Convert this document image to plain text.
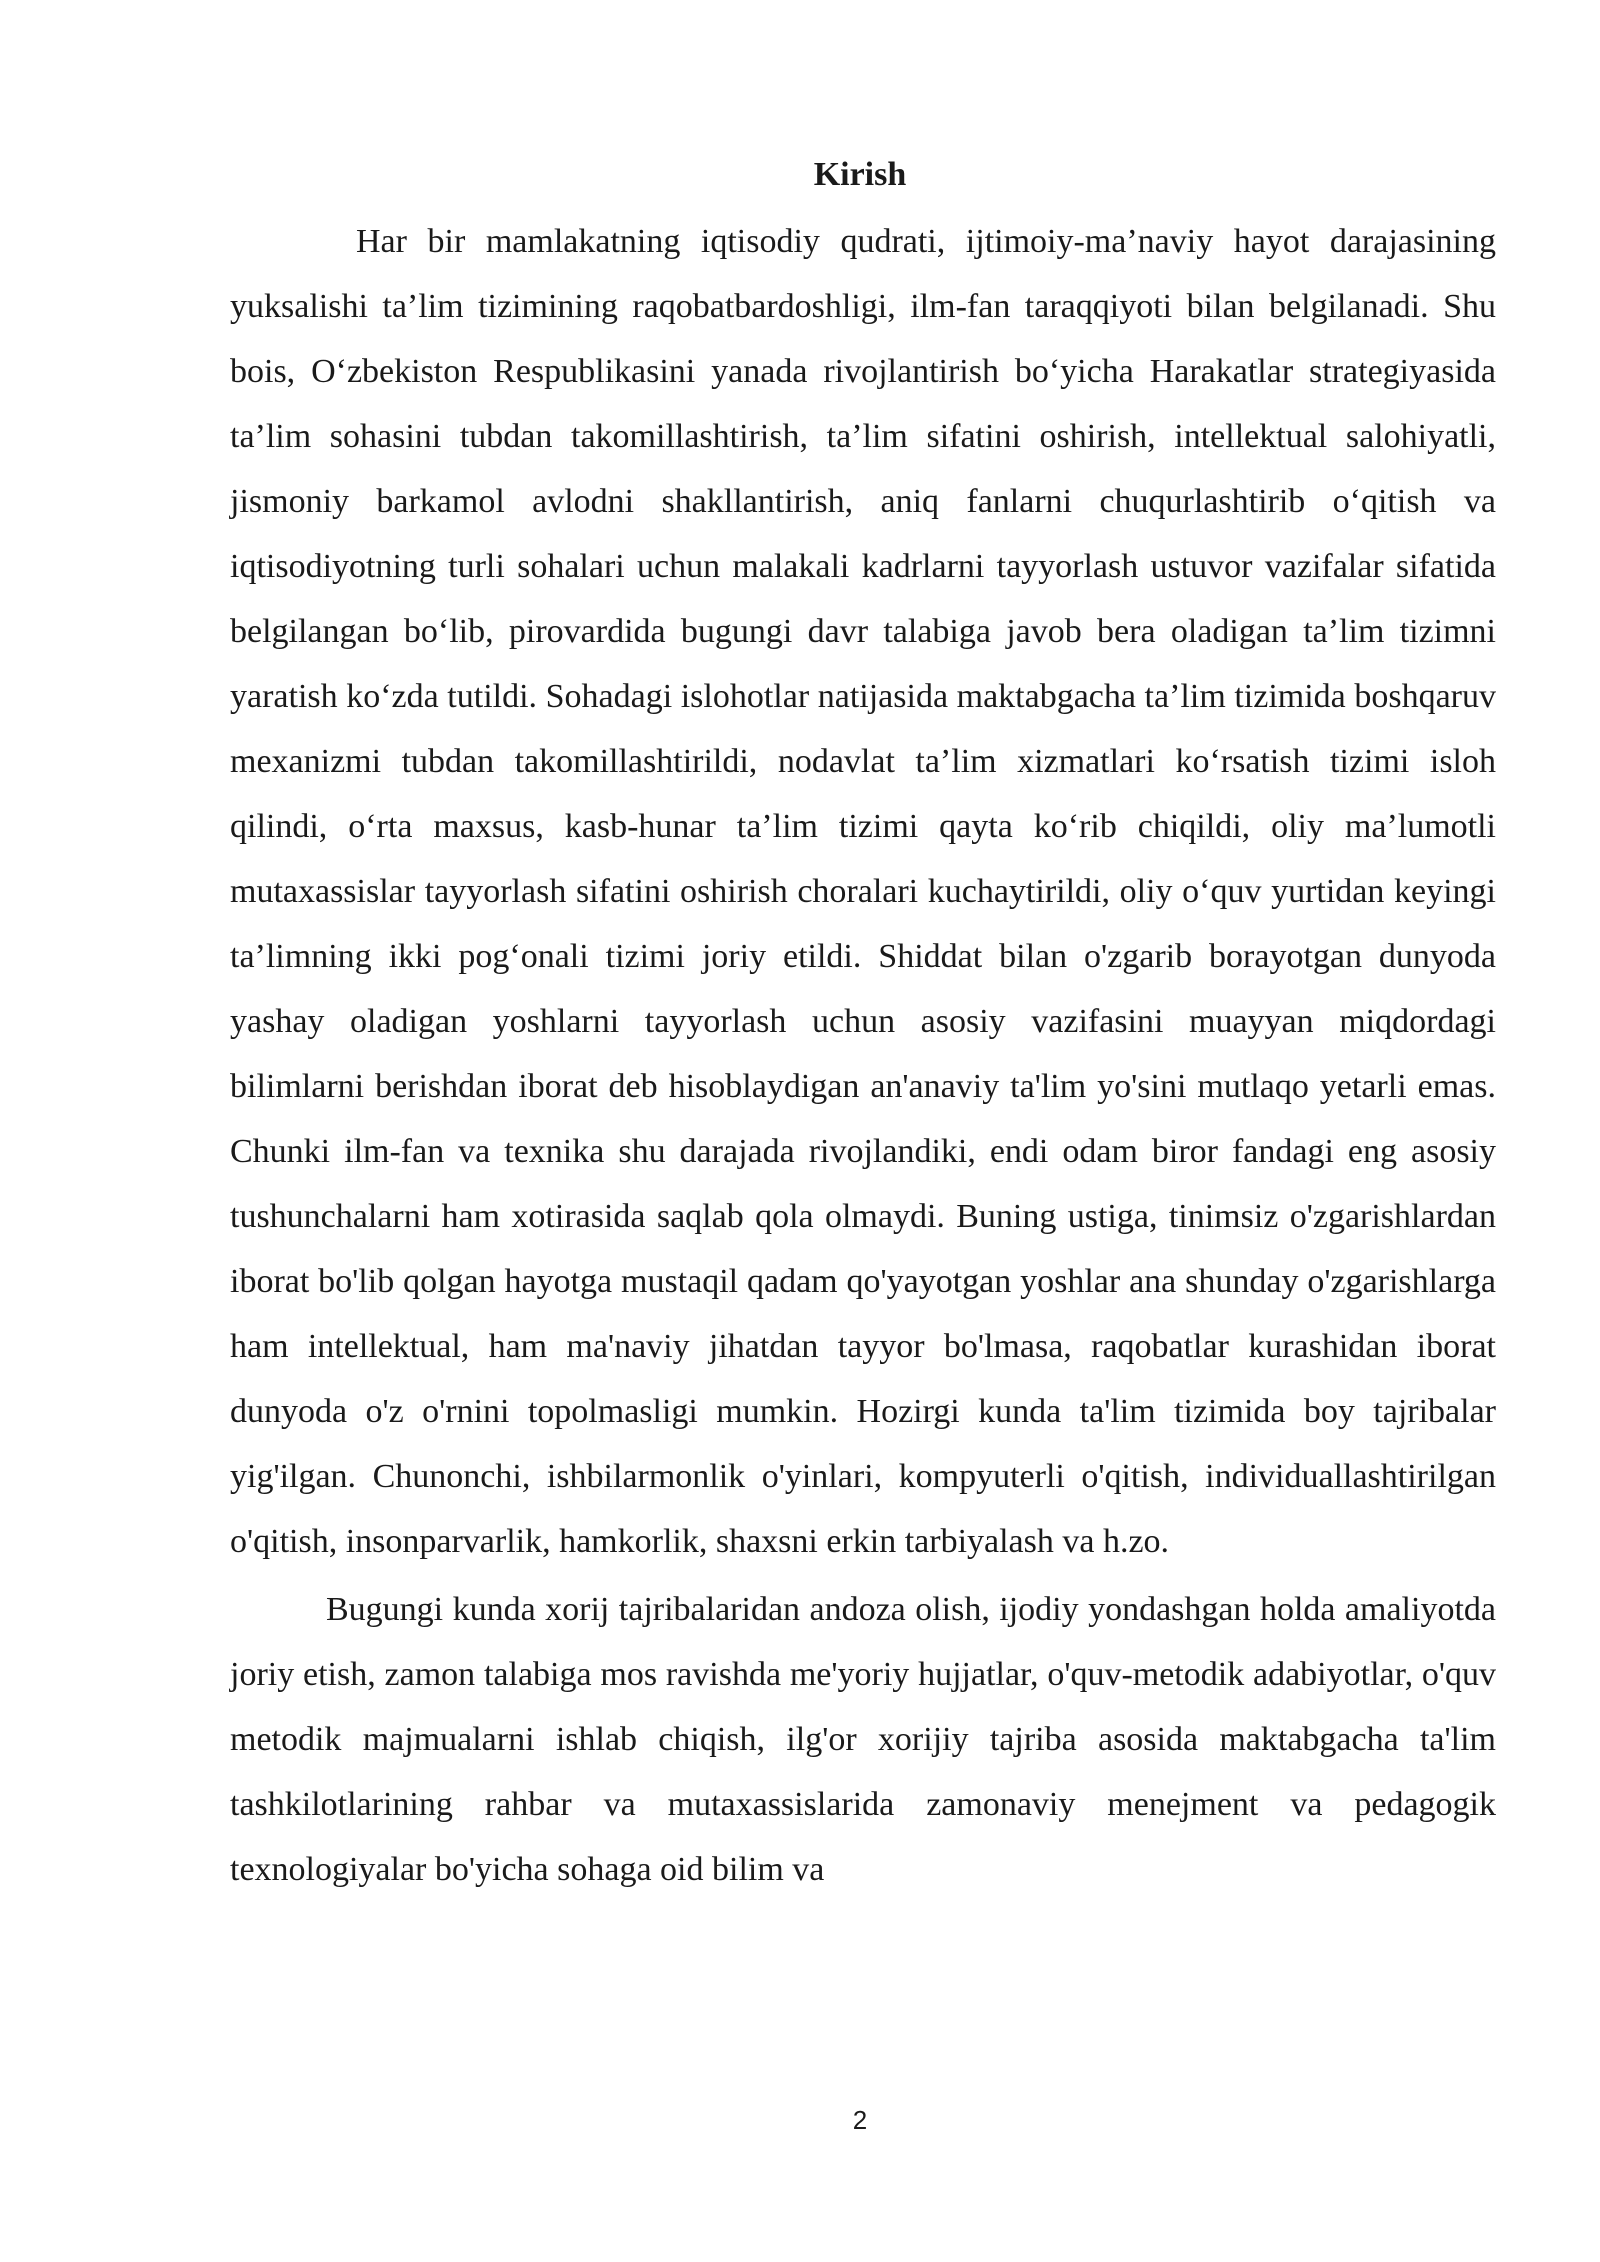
Kirish

Har bir mamlakatning iqtisodiy qudrati, ijtimoiy-ma’naviy hayot darajasining yuksalishi ta’lim tizimining raqobatbardoshligi, ilm-fan taraqqiyoti bilan belgilanadi. Shu bois, O‘zbekiston Respublikasini yanada rivojlantirish bo‘yicha Harakatlar strategiyasida ta’lim sohasini tubdan takomillashtirish, ta’lim sifatini oshirish, intellektual salohiyatli, jismoniy barkamol avlodni shakllantirish, aniq fanlarni chuqurlashtirib o‘qitish va iqtisodiyotning turli sohalari uchun malakali kadrlarni tayyorlash ustuvor vazifalar sifatida belgilangan bo‘lib, pirovardida bugungi davr talabiga javob bera oladigan ta’lim tizimni yaratish ko‘zda tutildi. Sohadagi islohotlar natijasida maktabgacha ta’lim tizimida boshqaruv mexanizmi tubdan takomillashtirildi, nodavlat ta’lim xizmatlari ko‘rsatish tizimi isloh qilindi, o‘rta maxsus, kasb-hunar ta’lim tizimi qayta ko‘rib chiqildi, oliy ma’lumotli mutaxassislar tayyorlash sifatini oshirish choralari kuchaytirildi, oliy o‘quv yurtidan keyingi ta’limning ikki pog‘onali tizimi joriy etildi. Shiddat bilan o'zgarib borayotgan dunyoda yashay oladigan yoshlarni tayyorlash uchun asosiy vazifasini muayyan miqdordagi bilimlarni berishdan iborat deb hisoblaydigan an'anaviy ta'lim yo'sini mutlaqo yetarli emas. Chunki ilm-fan va texnika shu darajada rivojlandiki, endi odam biror fandagi eng asosiy tushunchalarni ham xotirasida saqlab qola olmaydi. Buning ustiga, tinimsiz o'zgarishlardan iborat bo'lib qolgan hayotga mustaqil qadam qo'yayotgan yoshlar ana shunday o'zgarishlarga ham intellektual, ham ma'naviy jihatdan tayyor bo'lmasa, raqobatlar kurashidan iborat dunyoda o'z o'rnini topolmasligi mumkin. Hozirgi kunda ta'lim tizimida boy tajribalar yig'ilgan. Chunonchi, ishbilarmonlik o'yinlari, kompyuterli o'qitish, individuallashtirilgan o'qitish, insonparvarlik, hamkorlik, shaxsni erkin tarbiyalash va h.zo.

Bugungi kunda xorij tajribalaridan andoza olish, ijodiy yondashgan holda amaliyotda joriy etish, zamon talabiga mos ravishda me'yoriy hujjatlar, o'quv-metodik adabiyotlar, o'quv metodik majmualarni ishlab chiqish, ilg'or xorijiy tajriba asosida maktabgacha ta'lim tashkilotlarining rahbar va mutaxassislarida zamonaviy menejment va pedagogik texnologiyalar bo'yicha sohaga oid bilim va

2
